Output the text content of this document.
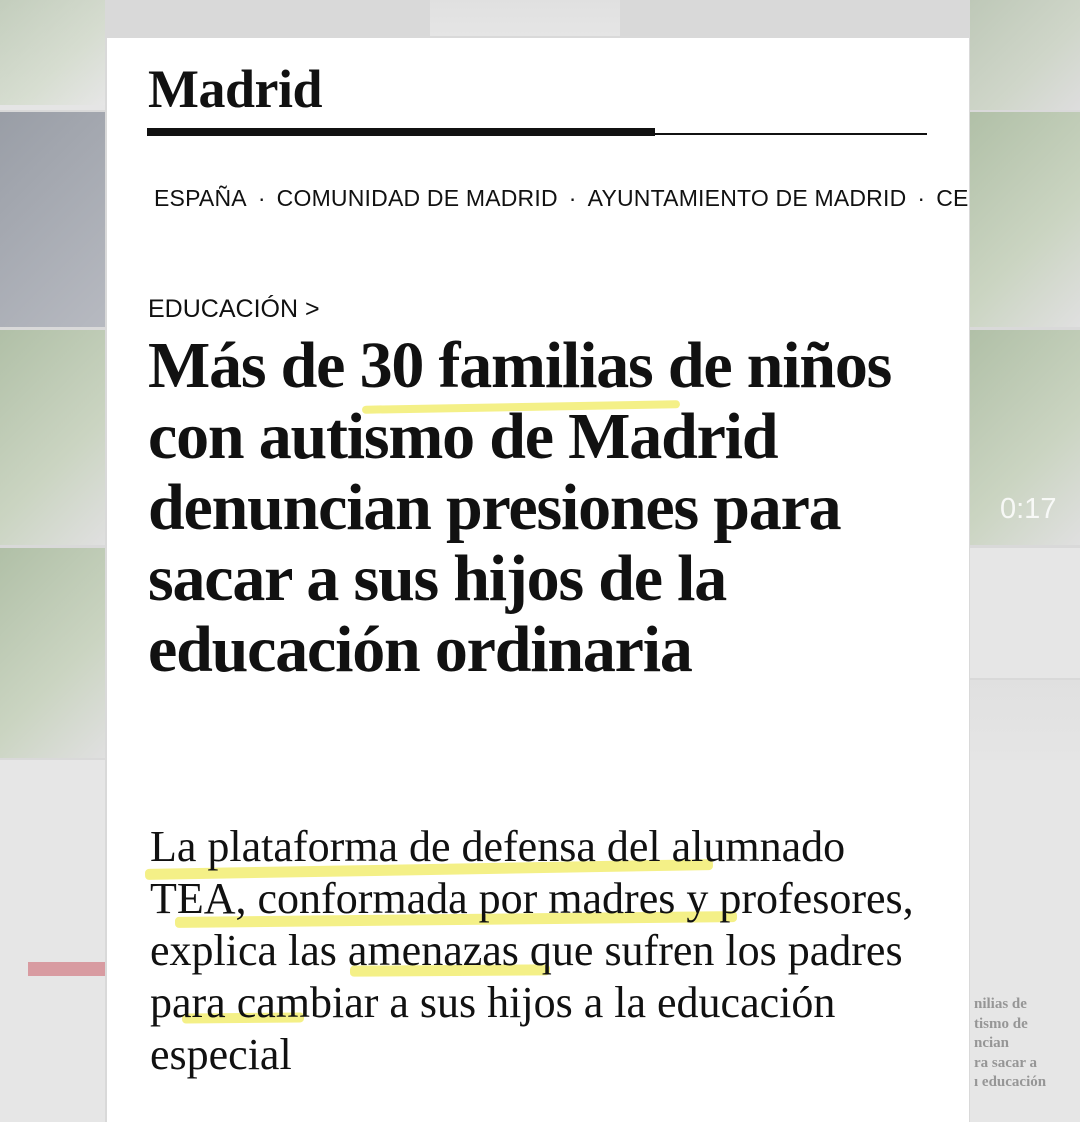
nilias de
tismo de
ncian
ra sacar a
ı educación
0:17
Madrid
ESPAÑA · COMUNIDAD DE MADRID · AYUNTAMIENTO DE MADRID · CE
EDUCACIÓN >
Más de 30 familias de niños con autismo de Madrid denuncian presiones para sacar a sus hijos de la educación ordinaria

La plataforma de defensa del alumnado TEA, conformada por madres y profesores, explica las amenazas que sufren los padres para cambiar a sus hijos a la educación especial
